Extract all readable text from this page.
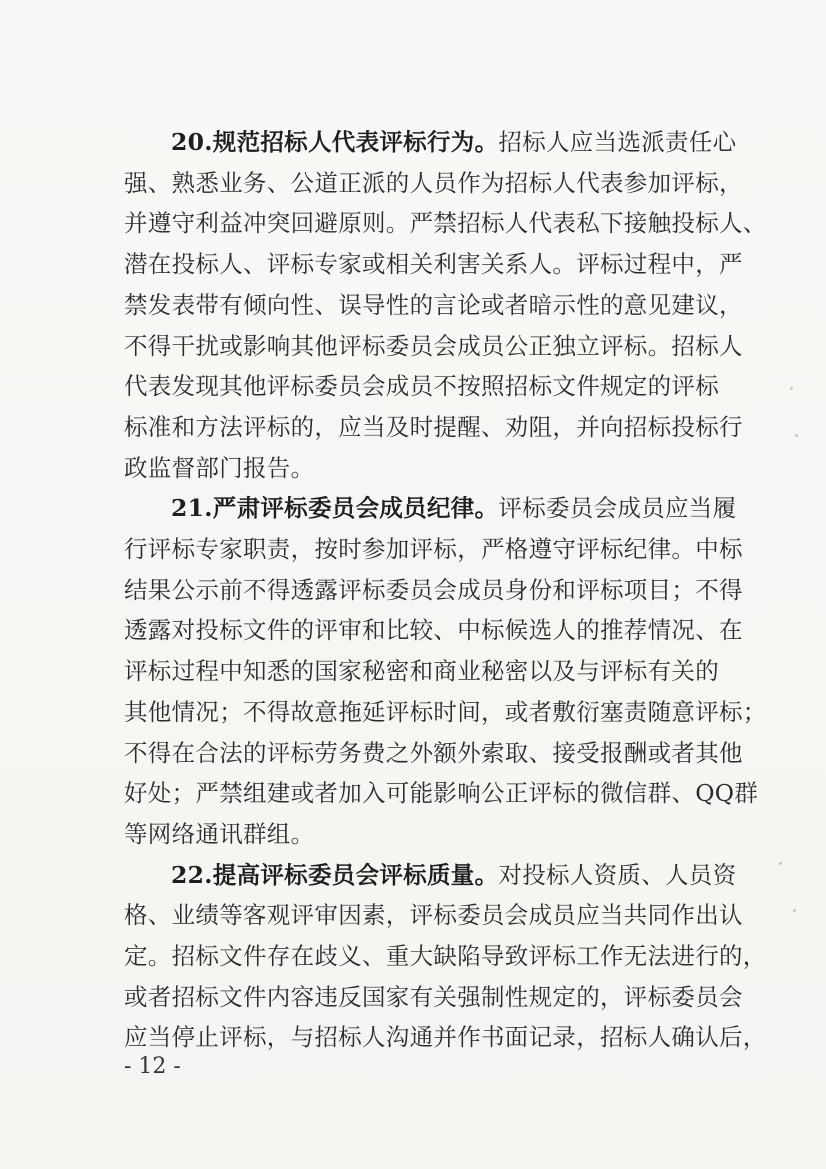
20.规范招标人代表评标行为。招标人应当选派责任心
强、熟悉业务、公道正派的人员作为招标人代表参加评标，
并遵守利益冲突回避原则。严禁招标人代表私下接触投标人、
潜在投标人、评标专家或相关利害关系人。评标过程中，严
禁发表带有倾向性、误导性的言论或者暗示性的意见建议，
不得干扰或影响其他评标委员会成员公正独立评标。招标人
代表发现其他评标委员会成员不按照招标文件规定的评标
标准和方法评标的，应当及时提醒、劝阻，并向招标投标行
政监督部门报告。

21.严肃评标委员会成员纪律。评标委员会成员应当履
行评标专家职责，按时参加评标，严格遵守评标纪律。中标
结果公示前不得透露评标委员会成员身份和评标项目；不得
透露对投标文件的评审和比较、中标候选人的推荐情况、在
评标过程中知悉的国家秘密和商业秘密以及与评标有关的
其他情况；不得故意拖延评标时间，或者敷衍塞责随意评标；
不得在合法的评标劳务费之外额外索取、接受报酬或者其他
好处；严禁组建或者加入可能影响公正评标的微信群、QQ群
等网络通讯群组。

22.提高评标委员会评标质量。对投标人资质、人员资
格、业绩等客观评审因素，评标委员会成员应当共同作出认
定。招标文件存在歧义、重大缺陷导致评标工作无法进行的，
或者招标文件内容违反国家有关强制性规定的，评标委员会
应当停止评标，与招标人沟通并作书面记录，招标人确认后，

- 12 -
